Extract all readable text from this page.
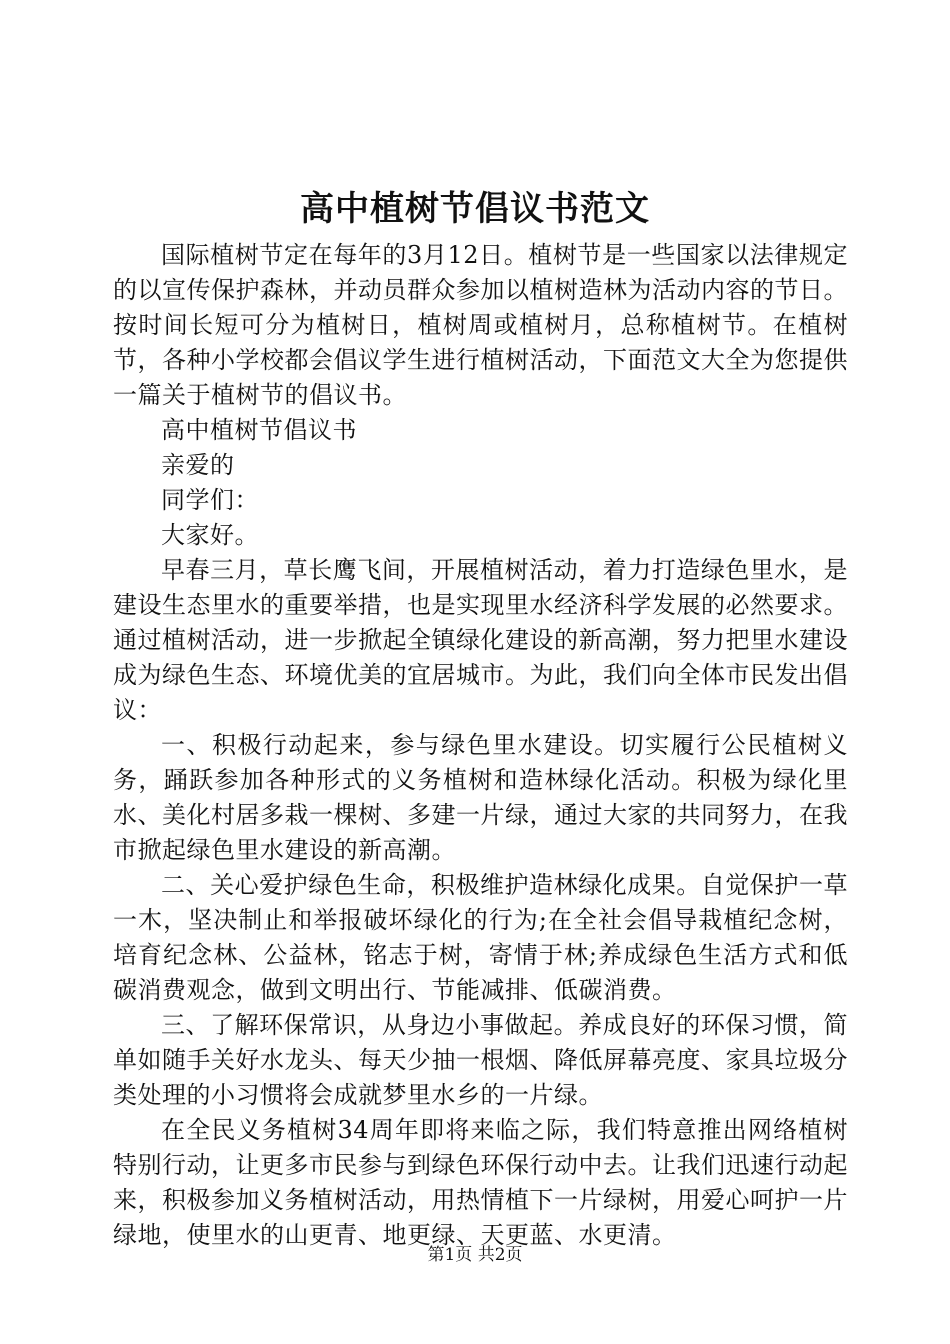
高中植树节倡议书范文

国际植树节定在每年的3月12日。植树节是一些国家以法律规定的以宣传保护森林，并动员群众参加以植树造林为活动内容的节日。按时间长短可分为植树日，植树周或植树月，总称植树节。在植树节，各种小学校都会倡议学生进行植树活动，下面范文大全为您提供一篇关于植树节的倡议书。

高中植树节倡议书

亲爱的

同学们：

大家好。

早春三月，草长鹰飞间，开展植树活动，着力打造绿色里水，是建设生态里水的重要举措，也是实现里水经济科学发展的必然要求。通过植树活动，进一步掀起全镇绿化建设的新高潮，努力把里水建设成为绿色生态、环境优美的宜居城市。为此，我们向全体市民发出倡议：

一、积极行动起来，参与绿色里水建设。切实履行公民植树义务，踊跃参加各种形式的义务植树和造林绿化活动。积极为绿化里水、美化村居多栽一棵树、多建一片绿，通过大家的共同努力，在我市掀起绿色里水建设的新高潮。

二、关心爱护绿色生命，积极维护造林绿化成果。自觉保护一草一木，坚决制止和举报破坏绿化的行为;在全社会倡导栽植纪念树，培育纪念林、公益林，铭志于树，寄情于林;养成绿色生活方式和低碳消费观念，做到文明出行、节能减排、低碳消费。

三、了解环保常识，从身边小事做起。养成良好的环保习惯，简单如随手关好水龙头、每天少抽一根烟、降低屏幕亮度、家具垃圾分类处理的小习惯将会成就梦里水乡的一片绿。

在全民义务植树34周年即将来临之际，我们特意推出网络植树特别行动，让更多市民参与到绿色环保行动中去。让我们迅速行动起来，积极参加义务植树活动，用热情植下一片绿树，用爱心呵护一片绿地，使里水的山更青、地更绿、天更蓝、水更清。

第1页 共2页
